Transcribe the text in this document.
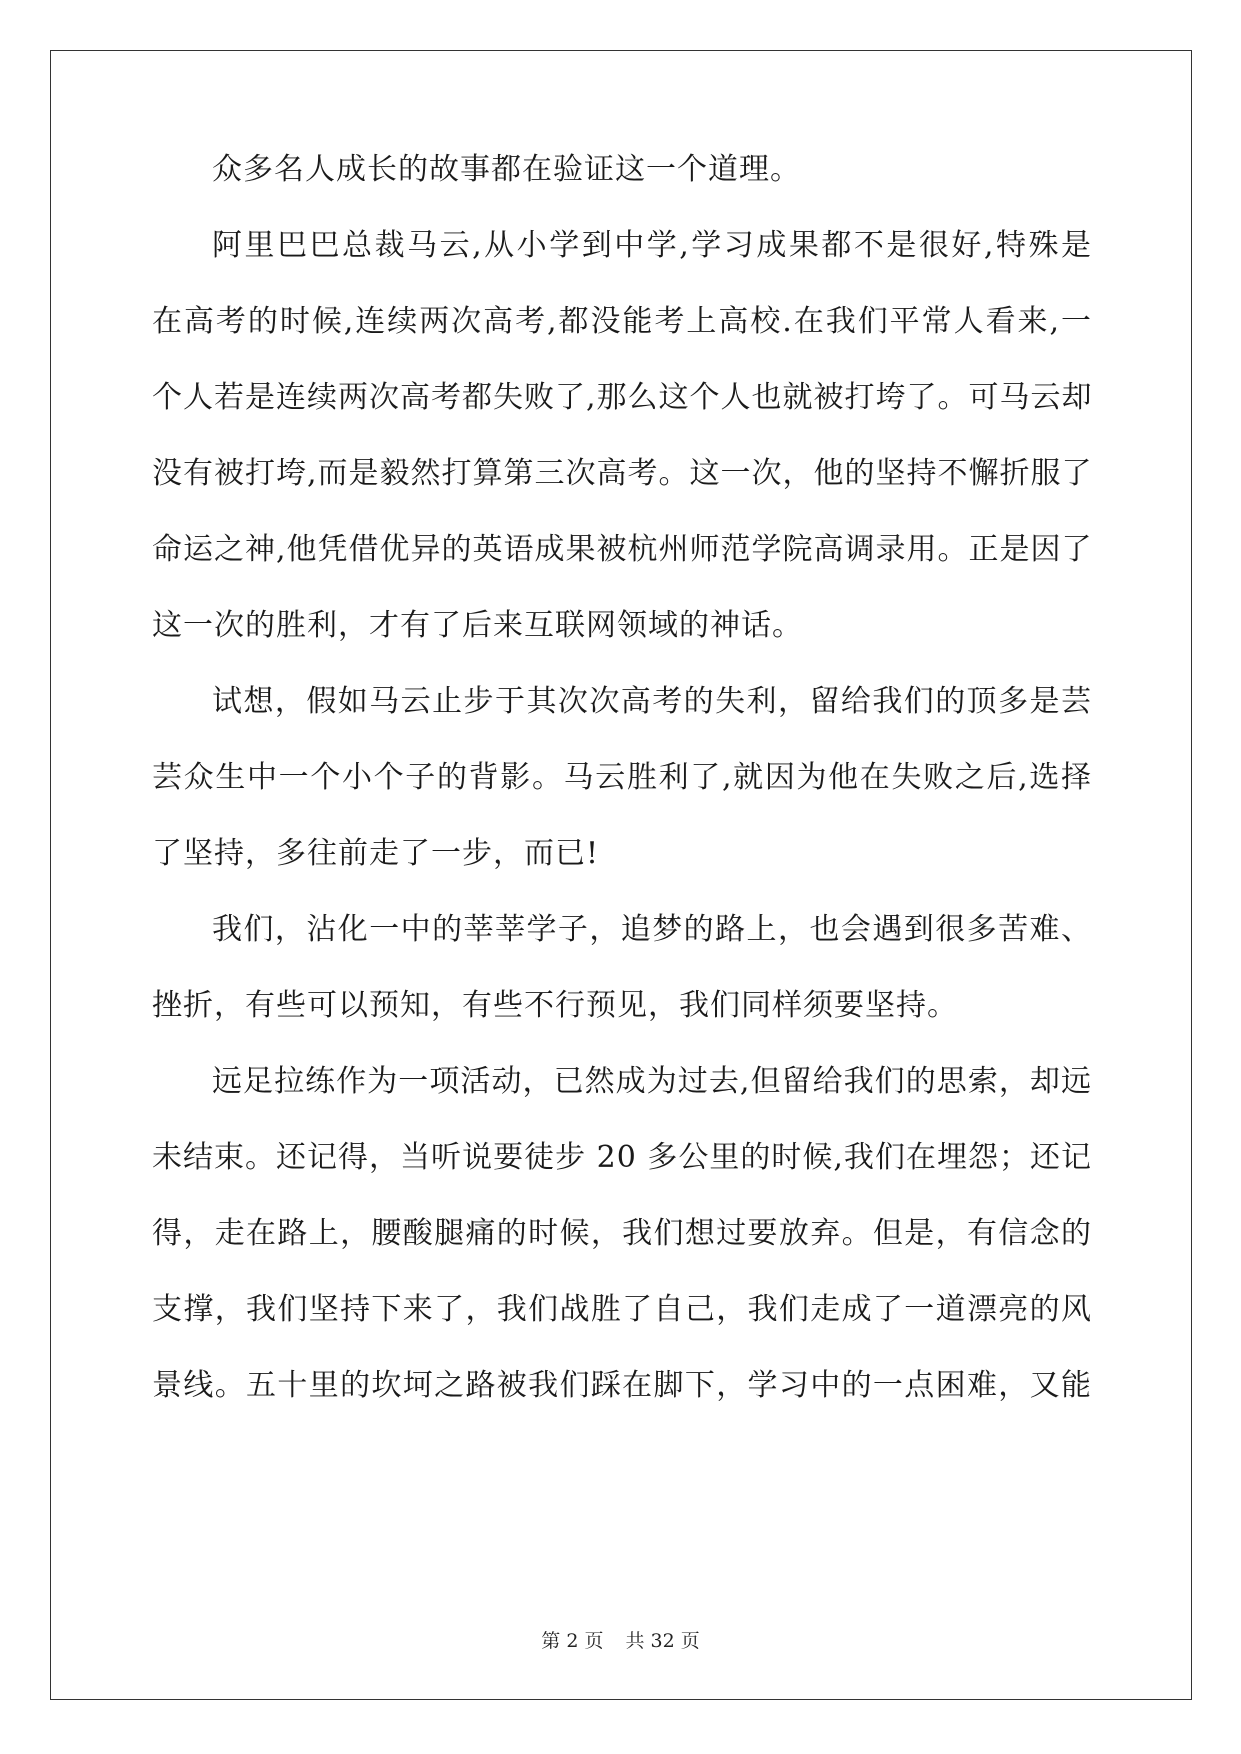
众多名人成长的故事都在验证这一个道理。
阿里巴巴总裁马云,从小学到中学,学习成果都不是很好,特殊是
在高考的时候,连续两次高考,都没能考上高校.在我们平常人看来,一
个人若是连续两次高考都失败了,那么这个人也就被打垮了。可马云却
没有被打垮,而是毅然打算第三次高考。这一次，他的坚持不懈折服了
命运之神,他凭借优异的英语成果被杭州师范学院高调录用。正是因了
这一次的胜利，才有了后来互联网领域的神话。
试想，假如马云止步于其次次高考的失利，留给我们的顶多是芸
芸众生中一个小个子的背影。马云胜利了,就因为他在失败之后,选择
了坚持，多往前走了一步，而已!
我们，沾化一中的莘莘学子，追梦的路上，也会遇到很多苦难、
挫折，有些可以预知，有些不行预见，我们同样须要坚持。
远足拉练作为一项活动，已然成为过去,但留给我们的思索，却远
未结束。还记得，当听说要徒步 20 多公里的时候,我们在埋怨；还记
得，走在路上，腰酸腿痛的时候，我们想过要放弃。但是，有信念的
支撑，我们坚持下来了，我们战胜了自己，我们走成了一道漂亮的风
景线。五十里的坎坷之路被我们踩在脚下，学习中的一点困难，又能
第 2 页 共 32 页
